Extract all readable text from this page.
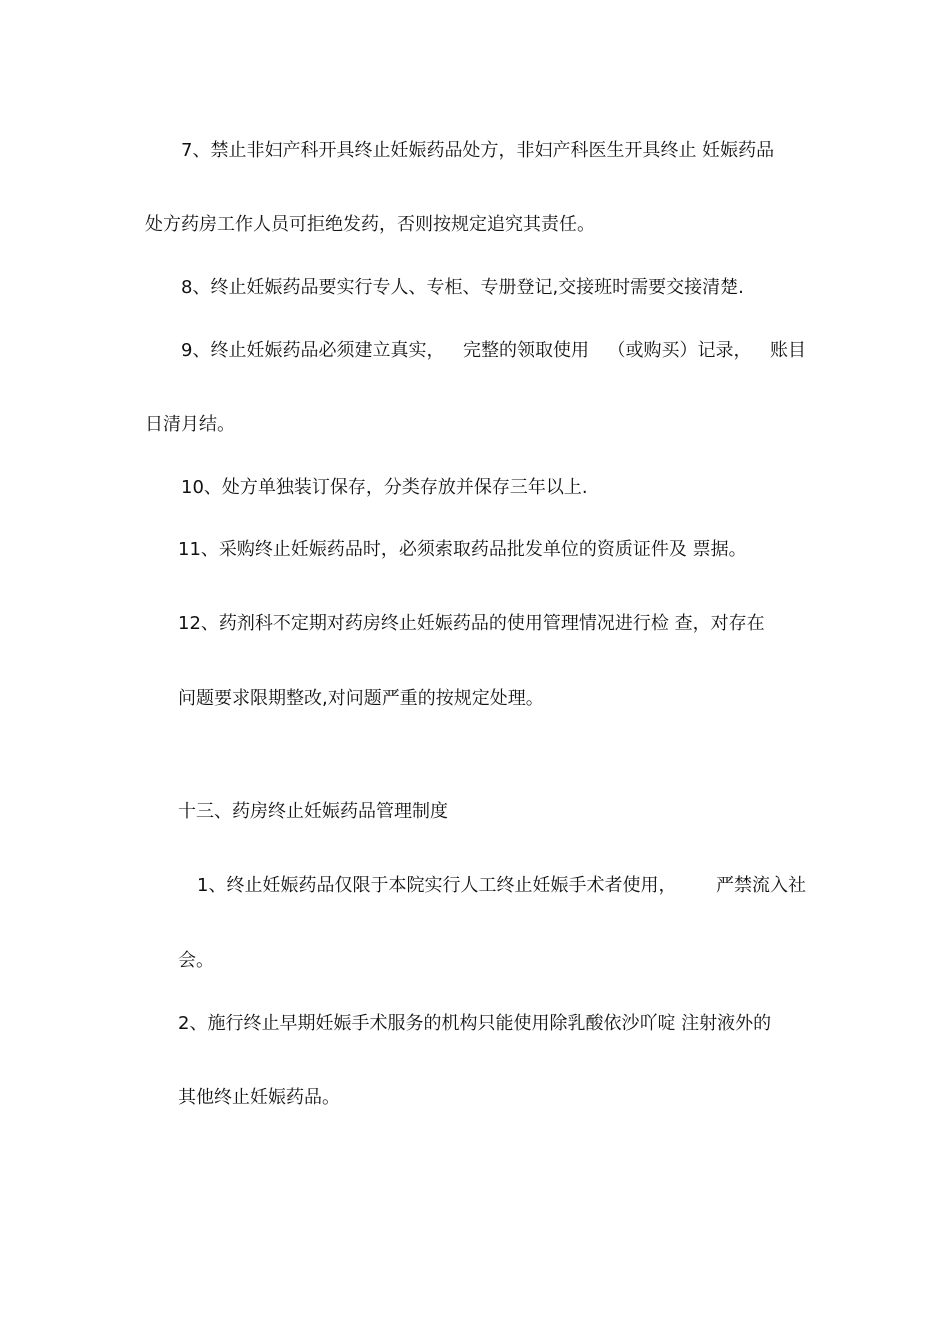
7、禁止非妇产科开具终止妊娠药品处方，非妇产科医生开具终止 妊娠药品

处方药房工作人员可拒绝发药，否则按规定追究其责任。

8、终止妊娠药品要实行专人、专柜、专册登记,交接班时需要交接清楚.

9、终止妊娠药品必须建立真实， 完整的领取使用 （或购买）记录， 账目

日清月结。

10、处方单独装订保存，分类存放并保存三年以上.

11、采购终止妊娠药品时，必须索取药品批发单位的资质证件及 票据。

12、药剂科不定期对药房终止妊娠药品的使用管理情况进行检 查，对存在

问题要求限期整改,对问题严重的按规定处理。

十三、药房终止妊娠药品管理制度
1、终止妊娠药品仅限于本院实行人工终止妊娠手术者使用， 严禁流入社

会。

2、施行终止早期妊娠手术服务的机构只能使用除乳酸依沙吖啶 注射液外的

其他终止妊娠药品。
